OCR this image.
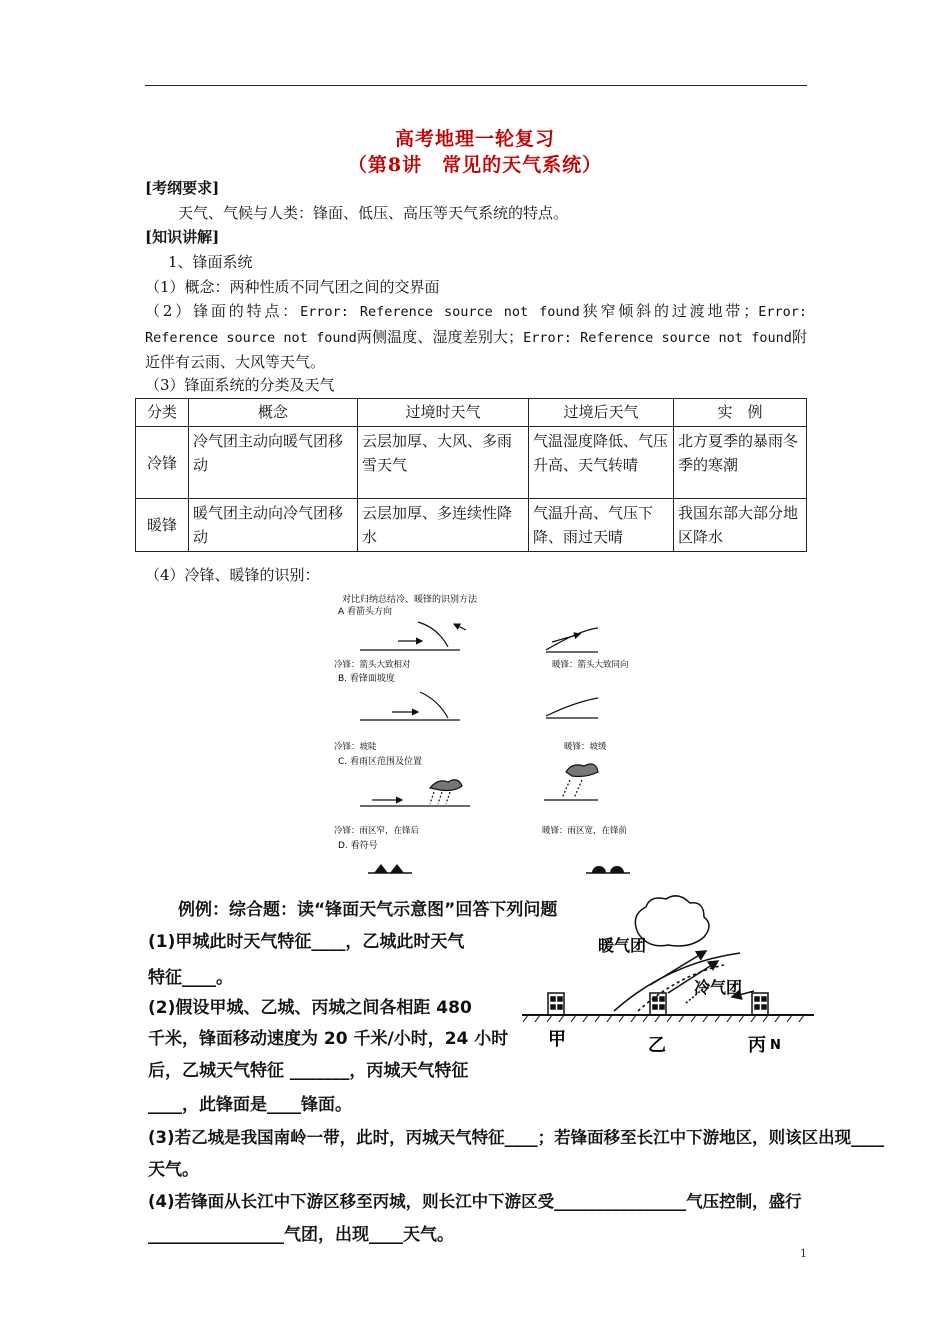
高考地理一轮复习
（第8讲　常见的天气系统）
[考纲要求]
天气、气候与人类：锋面、低压、高压等天气系统的特点。
[知识讲解]
1、锋面系统
（1）概念：两种性质不同气团之间的交界面
（2）锋面的特点：Error: Reference source not found狭窄倾斜的过渡地带；Error: Reference source not found两侧温度、湿度差别大；Error: Reference source not found附近伴有云雨、大风等天气。
（3）锋面系统的分类及天气
分类	概念	过境时天气	过境后天气	实　例
冷锋	冷气团主动向暖气团移动	云层加厚、大风、多雨雪天气	气温湿度降低、气压升高、天气转晴	北方夏季的暴雨冬季的寒潮
暖锋	暖气团主动向冷气团移动	云层加厚、多连续性降水	气温升高、气压下降、雨过天晴	我国东部大部分地区降水
（4）冷锋、暖锋的识别：
对比归纳总结冷、暖锋的识别方法
A 看箭头方向
冷锋：箭头大致相对	暖锋：箭头大致同向
B. 看锋面坡度
冷锋：坡陡	暖锋：坡缓
C. 看雨区范围及位置
冷锋：雨区窄，在锋后	暖锋：雨区宽，在锋前
D. 看符号
例例：综合题：读“锋面天气示意图”回答下列问题
(1)甲城此时天气特征____，乙城此时天气
特征____。
(2)假设甲城、乙城、丙城之间各相距 480
千米，锋面移动速度为 20 千米/小时，24 小时
后，乙城天气特征 _______，丙城天气特征
____，此锋面是____锋面。
(3)若乙城是我国南岭一带，此时，丙城天气特征____；若锋面移至长江中下游地区，则该区出现____
天气。
(4)若锋面从长江中下游区移至丙城，则长江中下游区受________________气压控制，盛行
________________气团，出现____天气。
暖气团
冷气团
甲	乙	丙 N
1
